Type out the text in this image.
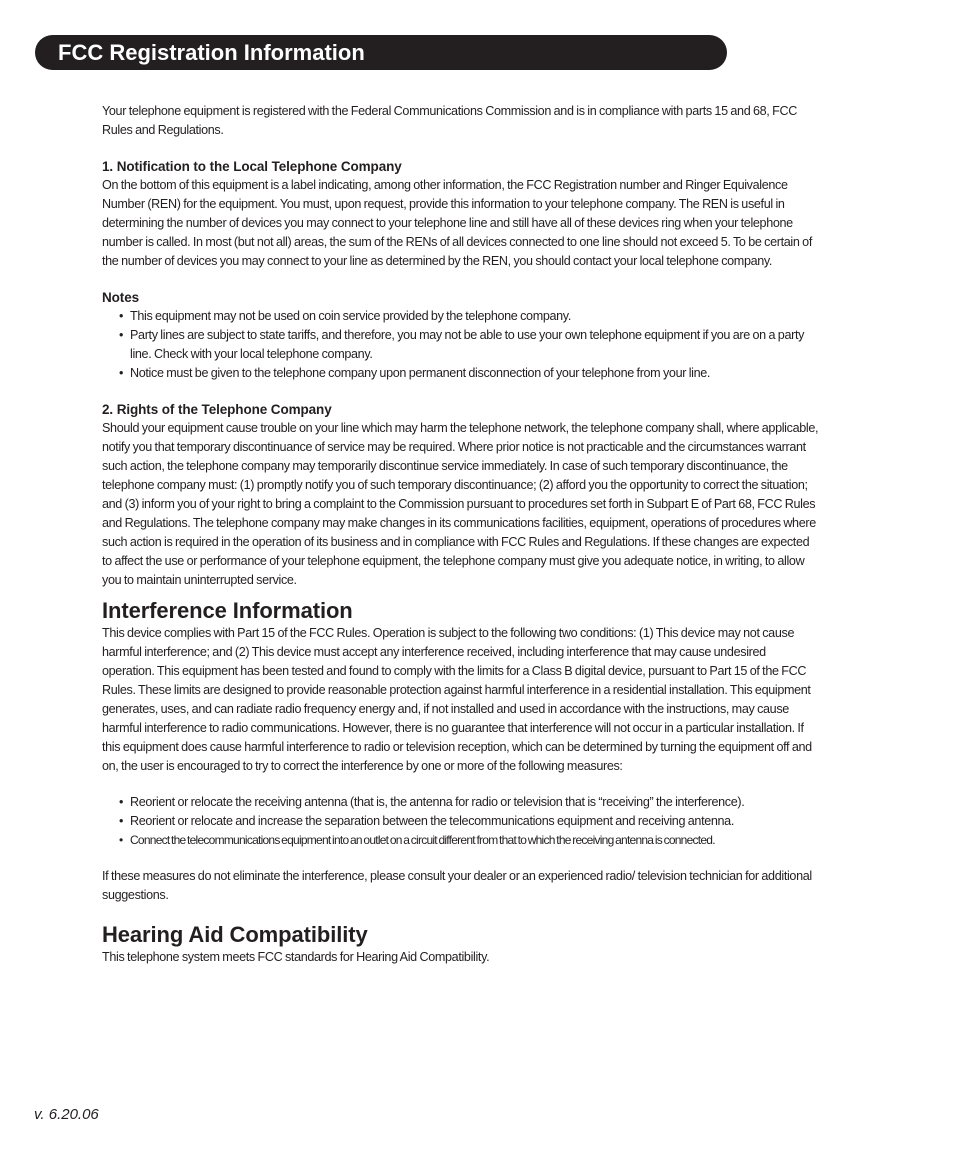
FCC Registration Information

Your telephone equipment is registered with the Federal Communications Commission and is in compliance with parts 15 and 68, FCC Rules and Regulations.

1. Notification to the Local Telephone Company

On the bottom of this equipment is a label indicating, among other information, the FCC Registration number and Ringer Equivalence Number (REN) for the equipment. You must, upon request, provide this information to your telephone company. The REN is useful in determining the number of devices you may connect to your telephone line and still have all of these devices ring when your telephone number is called. In most (but not all) areas, the sum of the RENs of all devices connected to one line should not exceed 5. To be certain of the number of devices you may connect to your line as determined by the REN, you should contact your local telephone company.

Notes
• This equipment may not be used on coin service provided by the telephone company.
• Party lines are subject to state tariffs, and therefore, you may not be able to use your own telephone equipment if you are on a party line. Check with your local telephone company.
• Notice must be given to the telephone company upon permanent disconnection of your telephone from your line.
2. Rights of the Telephone Company

Should your equipment cause trouble on your line which may harm the telephone network, the telephone company shall, where applicable, notify you that temporary discontinuance of service may be required. Where prior notice is not practicable and the circumstances warrant such action, the telephone company may temporarily discontinue service immediately. In case of such temporary discontinuance, the telephone company must: (1) promptly notify you of such temporary discontinuance; (2) afford you the opportunity to correct the situation; and (3) inform you of your right to bring a complaint to the Commission pursuant to procedures set forth in Subpart E of Part 68, FCC Rules and Regulations. The telephone company may make changes in its communications facilities, equipment, operations of procedures where such action is required in the operation of its business and in compliance with FCC Rules and Regulations. If these changes are expected to affect the use or performance of your telephone equipment, the telephone company must give you adequate notice, in writing, to allow you to maintain uninterrupted service.

Interference Information

This device complies with Part 15 of the FCC Rules. Operation is subject to the following two conditions: (1) This device may not cause harmful interference; and (2) This device must accept any interference received, including interference that may cause undesired operation. This equipment has been tested and found to comply with the limits for a Class B digital device, pursuant to Part 15 of the FCC Rules. These limits are designed to provide reasonable protection against harmful interference in a residential installation. This equipment generates, uses, and can radiate radio frequency energy and, if not installed and used in accordance with the instructions, may cause harmful interference to radio communications. However, there is no guarantee that interference will not occur in a particular installation. If this equipment does cause harmful interference to radio or television reception, which can be determined by turning the equipment off and on, the user is encouraged to try to correct the interference by one or more of the following measures:

• Reorient or relocate the receiving antenna (that is, the antenna for radio or television that is “receiving” the interference).
• Reorient or relocate and increase the separation between the telecommunications equipment and receiving antenna.
• Connect the telecommunications equipment into an outlet on a circuit different from that to which the receiving antenna is connected.

If these measures do not eliminate the interference, please consult your dealer or an experienced radio/ television technician for additional suggestions.

Hearing Aid Compatibility

This telephone system meets FCC standards for Hearing Aid Compatibility.

v. 6.20.06
